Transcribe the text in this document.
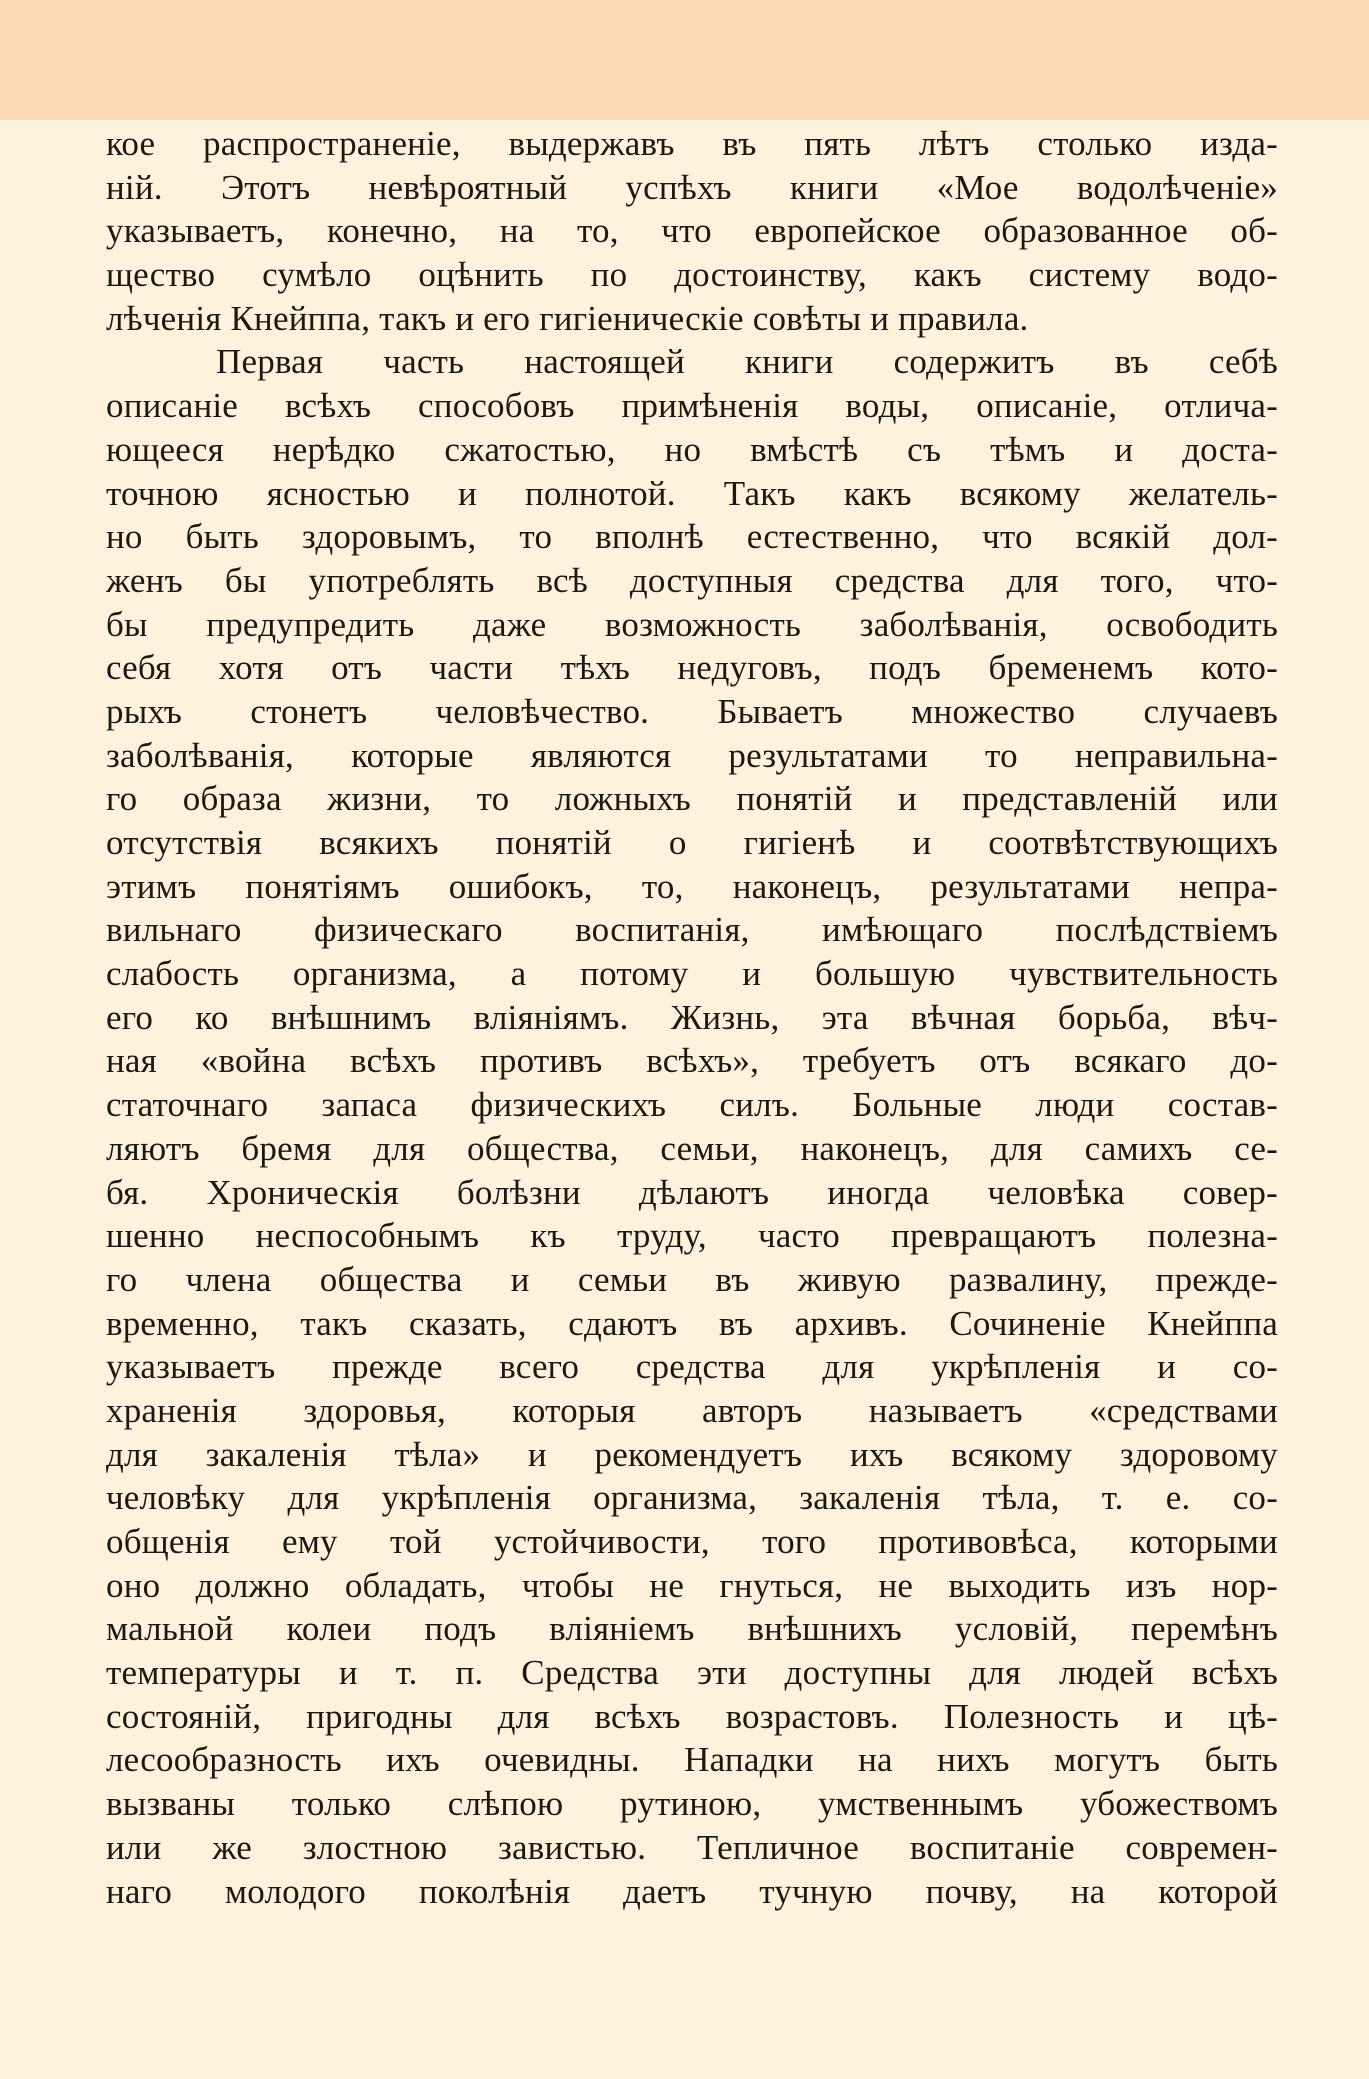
кое распространенie, выдержавъ въ пять лѣтъ столько изда-
нiй. Этотъ невѣроятный успѣхъ книги «Мое водолѣченiе»
указываетъ, конечно, на то, что европейское образованное об-
щество сумѣло оцѣнить по достоинству, какъ систему водо-
лѣченiя Кнейппа, такъ и его гигiеническiе совѣты и правила.
Первая часть настоящей книги содержитъ въ себѣ
описанiе всѣхъ способовъ примѣненiя воды, описанiе, отлича-
ющееся нерѣдко сжатостью, но вмѣстѣ съ тѣмъ и доста-
точною ясностью и полнотой. Такъ какъ всякому желатель-
но быть здоровымъ, то вполнѣ естественно, что всякiй дол-
женъ бы употреблять всѣ доступныя средства для того, что-
бы предупредить даже возможность заболѣванiя, освободить
себя хотя отъ части тѣхъ недуговъ, подъ бременемъ кото-
рыхъ стонетъ человѣчество. Бываетъ множество случаевъ
заболѣванiя, которые являются результатами то неправильна-
го образа жизни, то ложныхъ понятiй и представленiй или
отсутствiя всякихъ понятiй о гигiенѣ и соотвѣтствующихъ
этимъ понятiямъ ошибокъ, то, наконецъ, результатами непра-
вильнаго физическаго воспитанiя, имѣющаго послѣдствiемъ
слабость организма, а потому и большую чувствительность
его ко внѣшнимъ влiянiямъ. Жизнь, эта вѣчная борьба, вѣч-
ная «война всѣхъ противъ всѣхъ», требуетъ отъ всякаго до-
статочнаго запаса физическихъ силъ. Больные люди состав-
ляютъ бремя для общества, семьи, наконецъ, для самихъ се-
бя. Хроническiя болѣзни дѣлаютъ иногда человѣка совер-
шенно неспособнымъ къ труду, часто превращаютъ полезна-
го члена общества и семьи въ живую развалину, прежде-
временно, такъ сказать, сдаютъ въ архивъ. Сочиненiе Кнейппа
указываетъ прежде всего средства для укрѣпленiя и со-
храненiя здоровья, которыя авторъ называетъ «средствами
для закаленiя тѣла» и рекомендуетъ ихъ всякому здоровому
человѣку для укрѣпленiя организма, закаленiя тѣла, т. е. со-
общенiя ему той устойчивости, того противовѣса, которыми
оно должно обладать, чтобы не гнуться, не выходить изъ нор-
мальной колеи подъ влiянiемъ внѣшнихъ условiй, перемѣнъ
температуры и т. п. Средства эти доступны для людей всѣхъ
состоянiй, пригодны для всѣхъ возрастовъ. Полезность и цѣ-
лесообразность ихъ очевидны. Нападки на нихъ могутъ быть
вызваны только слѣпою рутиною, умственнымъ убожествомъ
или же злостною завистью. Тепличное воспитанiе современ-
наго молодого поколѣнiя даетъ тучную почву, на которой
